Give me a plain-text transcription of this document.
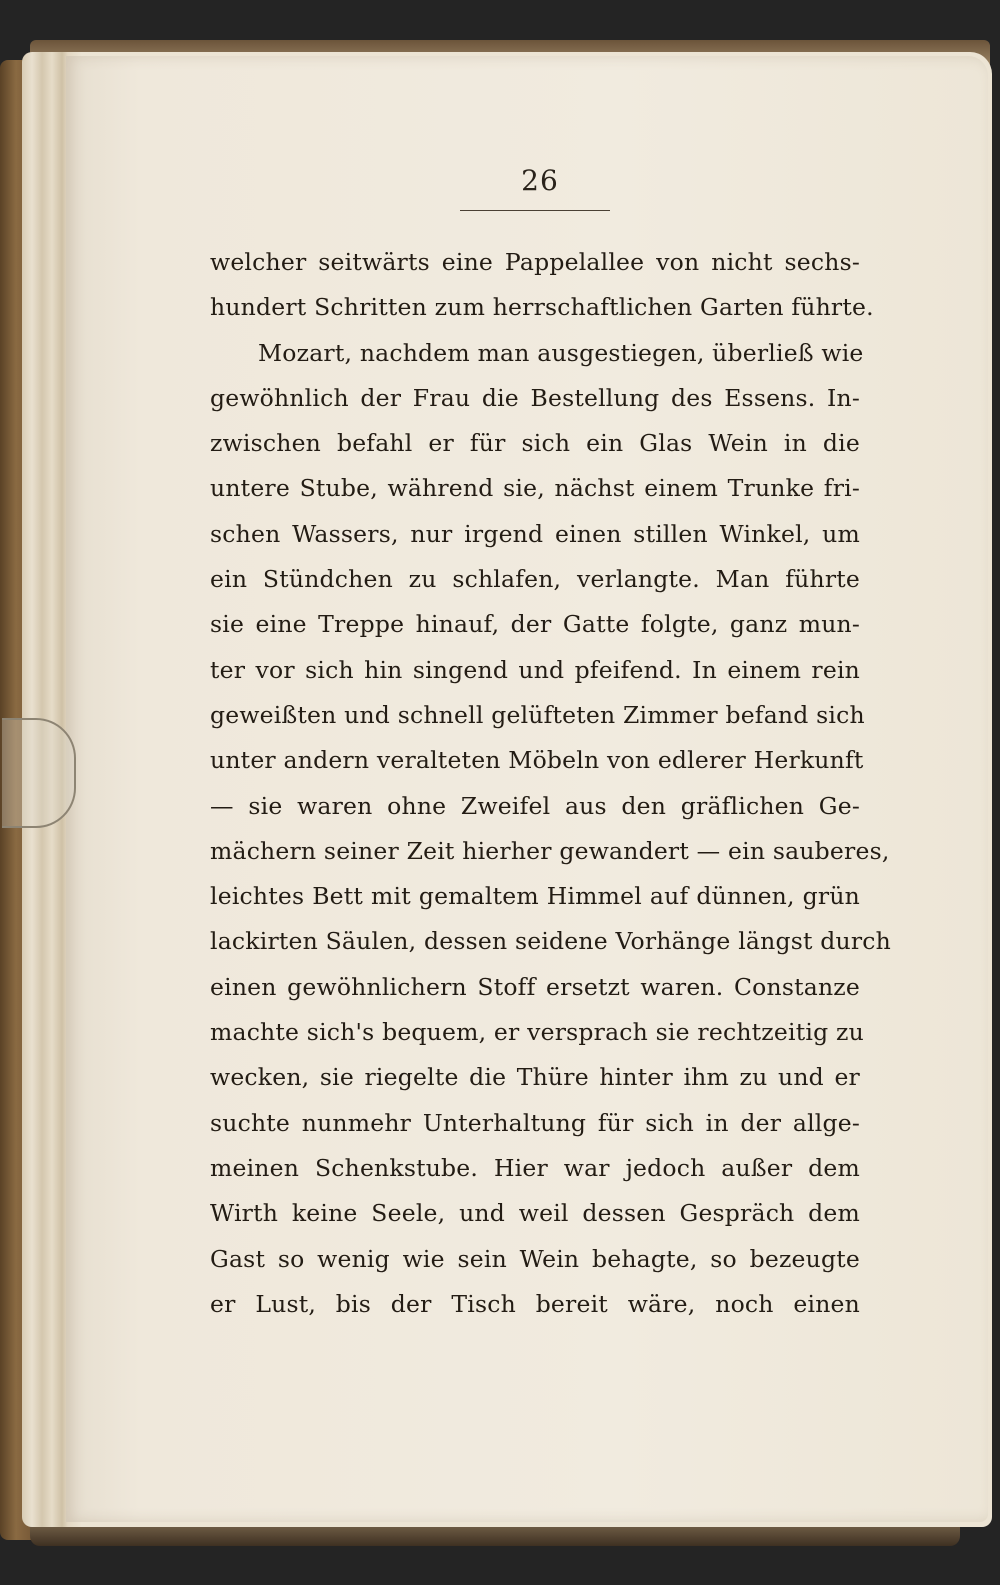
26
welcher seitwärts eine Pappelallee von nicht sechs-
hundert Schritten zum herrschaftlichen Garten führte.
Mozart, nachdem man ausgestiegen, überließ wie
gewöhnlich der Frau die Bestellung des Essens. In-
zwischen befahl er für sich ein Glas Wein in die
untere Stube, während sie, nächst einem Trunke fri-
schen Wassers, nur irgend einen stillen Winkel, um
ein Stündchen zu schlafen, verlangte. Man führte
sie eine Treppe hinauf, der Gatte folgte, ganz mun-
ter vor sich hin singend und pfeifend. In einem rein
geweißten und schnell gelüfteten Zimmer befand sich
unter andern veralteten Möbeln von edlerer Herkunft
— sie waren ohne Zweifel aus den gräflichen Ge-
mächern seiner Zeit hierher gewandert — ein sauberes,
leichtes Bett mit gemaltem Himmel auf dünnen, grün
lackirten Säulen, dessen seidene Vorhänge längst durch
einen gewöhnlichern Stoff ersetzt waren. Constanze
machte sich's bequem, er versprach sie rechtzeitig zu
wecken, sie riegelte die Thüre hinter ihm zu und er
suchte nunmehr Unterhaltung für sich in der allge-
meinen Schenkstube. Hier war jedoch außer dem
Wirth keine Seele, und weil dessen Gespräch dem
Gast so wenig wie sein Wein behagte, so bezeugte
er Lust, bis der Tisch bereit wäre, noch einen
